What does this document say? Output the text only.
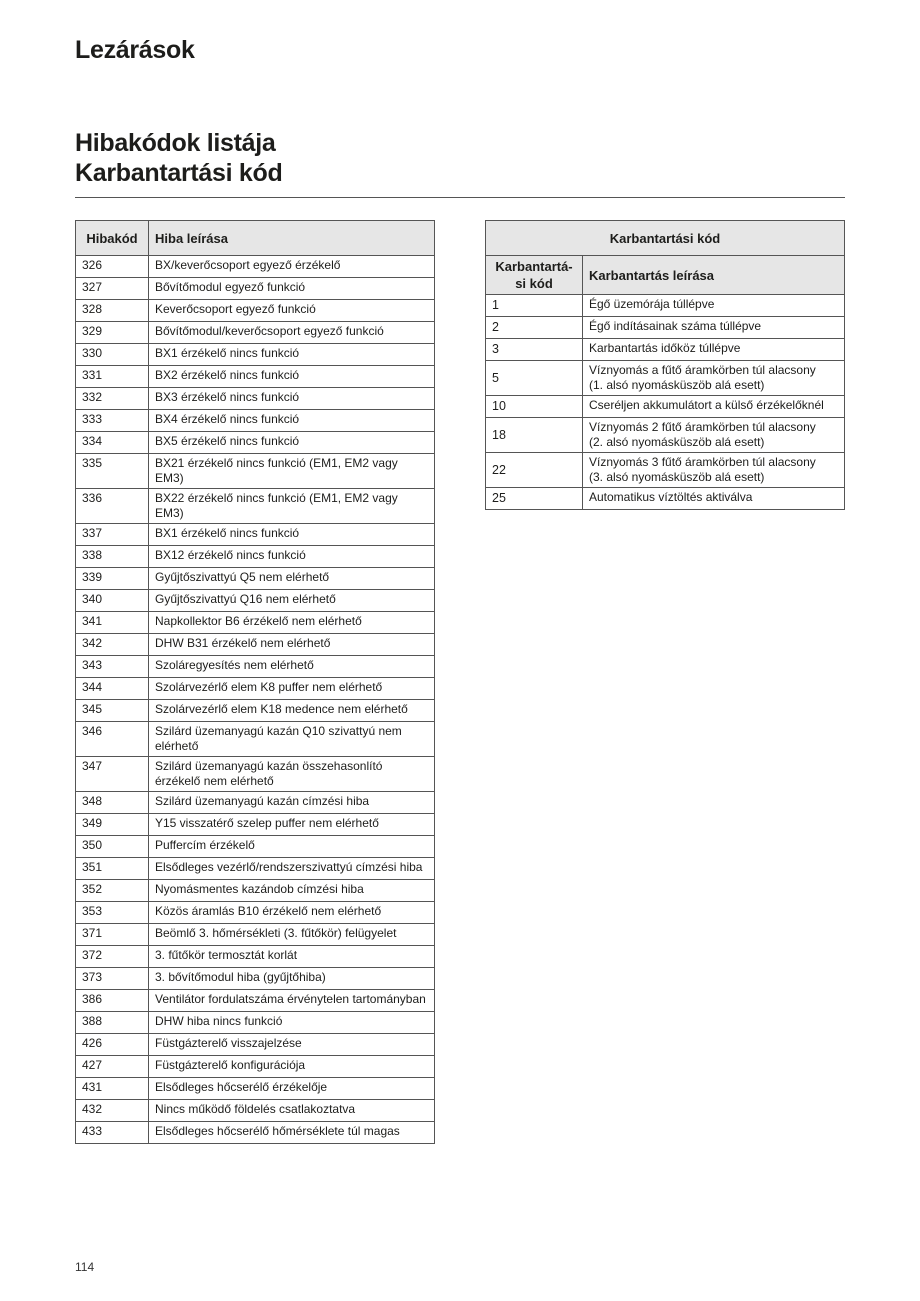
Lezárások
Hibakódok listája
Karbantartási kód
Hibakód	Hiba leírása
326	BX/keverőcsoport egyező érzékelő
327	Bővítőmodul egyező funkció
328	Keverőcsoport egyező funkció
329	Bővítőmodul/keverőcsoport egyező funkció
330	BX1 érzékelő nincs funkció
331	BX2 érzékelő nincs funkció
332	BX3 érzékelő nincs funkció
333	BX4 érzékelő nincs funkció
334	BX5 érzékelő nincs funkció
335	BX21 érzékelő nincs funkció (EM1, EM2 vagy EM3)
336	BX22 érzékelő nincs funkció (EM1, EM2 vagy EM3)
337	BX1 érzékelő nincs funkció
338	BX12 érzékelő nincs funkció
339	Gyűjtőszivattyú Q5 nem elérhető
340	Gyűjtőszivattyú Q16 nem elérhető
341	Napkollektor B6 érzékelő nem elérhető
342	DHW B31 érzékelő nem elérhető
343	Szoláregyesítés nem elérhető
344	Szolárvezérlő elem K8 puffer nem elérhető
345	Szolárvezérlő elem K18 medence nem elérhető
346	Szilárd üzemanyagú kazán Q10 szivattyú nem elérhető
347	Szilárd üzemanyagú kazán összehasonlító érzékelő nem elérhető
348	Szilárd üzemanyagú kazán címzési hiba
349	Y15 visszatérő szelep puffer nem elérhető
350	Puffercím érzékelő
351	Elsődleges vezérlő/rendszerszivattyú címzési hiba
352	Nyomásmentes kazándob címzési hiba
353	Közös áramlás B10 érzékelő nem elérhető
371	Beömlő 3. hőmérsékleti (3. fűtőkör) felügyelet
372	3. fűtőkör termosztát korlát
373	3. bővítőmodul hiba (gyűjtőhiba)
386	Ventilátor fordulatszáma érvénytelen tartományban
388	DHW hiba nincs funkció
426	Füstgázterelő visszajelzése
427	Füstgázterelő konfigurációja
431	Elsődleges hőcserélő érzékelője
432	Nincs működő földelés csatlakoztatva
433	Elsődleges hőcserélő hőmérséklete túl magas
Karbantartási kód	
Karbantartá-
si kód	Karbantartás leírása
1	Égő üzemórája túllépve
2	Égő indításainak száma túllépve
3	Karbantartás időköz túllépve
5	Víznyomás a fűtő áramkörben túl alacsony
(1. alsó nyomásküszöb alá esett)
10	Cseréljen akkumulátort a külső érzékelőknél
18	Víznyomás 2 fűtő áramkörben túl alacsony
(2. alsó nyomásküszöb alá esett)
22	Víznyomás 3 fűtő áramkörben túl alacsony
(3. alsó nyomásküszöb alá esett)
25	Automatikus víztöltés aktiválva
114
